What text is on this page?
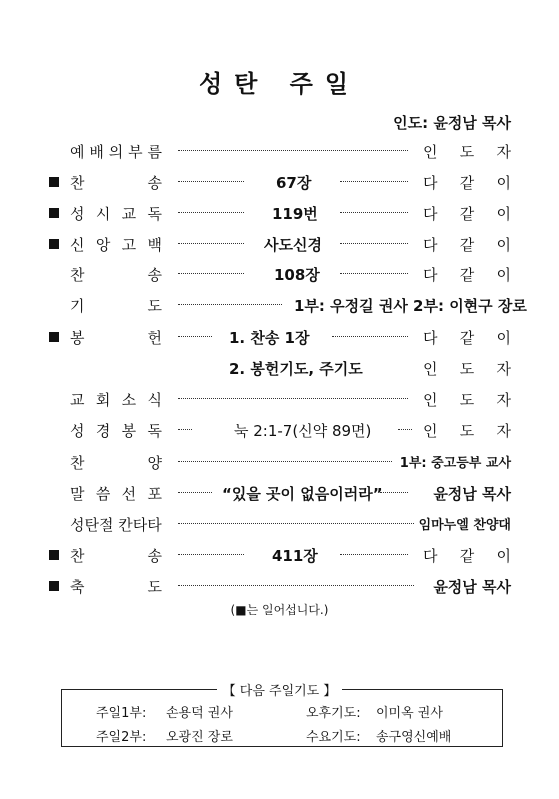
성탄 주일
인도: 윤정남 목사
예 배 의 부 름	인 도 자
찬	송	67장	다 같 이
성 시 교 독	119번	다 같 이
신 앙 고 백	사도신경	다 같 이
찬	송	108장	다 같 이
기	도	1부: 우정길 권사 2부: 이현구 장로
봉	헌	1. 찬송 1장	다 같 이
2. 봉헌기도, 주기도	인 도 자
교 회 소 식	인 도 자
성 경 봉 독	눅 2:1-7(신약 89면)	인 도 자
찬	양	1부: 중고등부 교사
말 씀 선 포	“있을 곳이 없음이러라”	윤정남 목사
성탄절 칸타타	임마누엘 찬양대
찬	송	411장	다 같 이
축	도	윤정남 목사
(■는 일어섭니다.)
【 다음 주일기도 】
주일1부: 손용덕 권사	오후기도: 이미옥 권사
주일2부: 오광진 장로	수요기도: 송구영신예배
